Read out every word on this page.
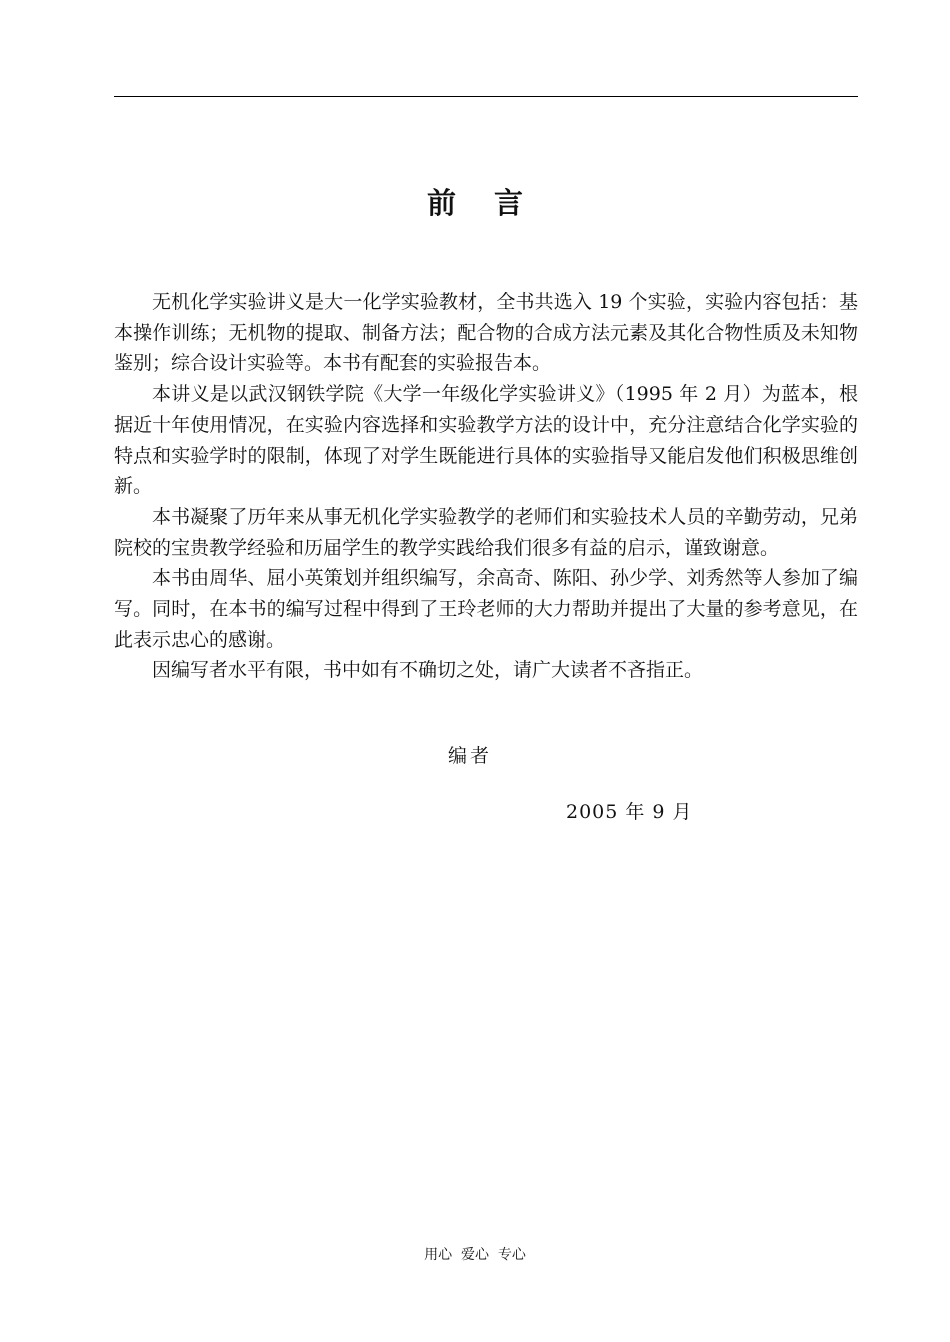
前 言

无机化学实验讲义是大一化学实验教材，全书共选入 19 个实验，实验内容包括：基本操作训练；无机物的提取、制备方法；配合物的合成方法元素及其化合物性质及未知物鉴别；综合设计实验等。本书有配套的实验报告本。

本讲义是以武汉钢铁学院《大学一年级化学实验讲义》（1995 年 2 月）为蓝本，根据近十年使用情况，在实验内容选择和实验教学方法的设计中，充分注意结合化学实验的特点和实验学时的限制，体现了对学生既能进行具体的实验指导又能启发他们积极思维创新。

本书凝聚了历年来从事无机化学实验教学的老师们和实验技术人员的辛勤劳动，兄弟院校的宝贵教学经验和历届学生的教学实践给我们很多有益的启示，谨致谢意。

本书由周华、屈小英策划并组织编写，余高奇、陈阳、孙少学、刘秀然等人参加了编写。同时，在本书的编写过程中得到了王玲老师的大力帮助并提出了大量的参考意见，在此表示忠心的感谢。

因编写者水平有限，书中如有不确切之处，请广大读者不吝指正。

编者
2005 年 9 月
用心  爱心  专心
